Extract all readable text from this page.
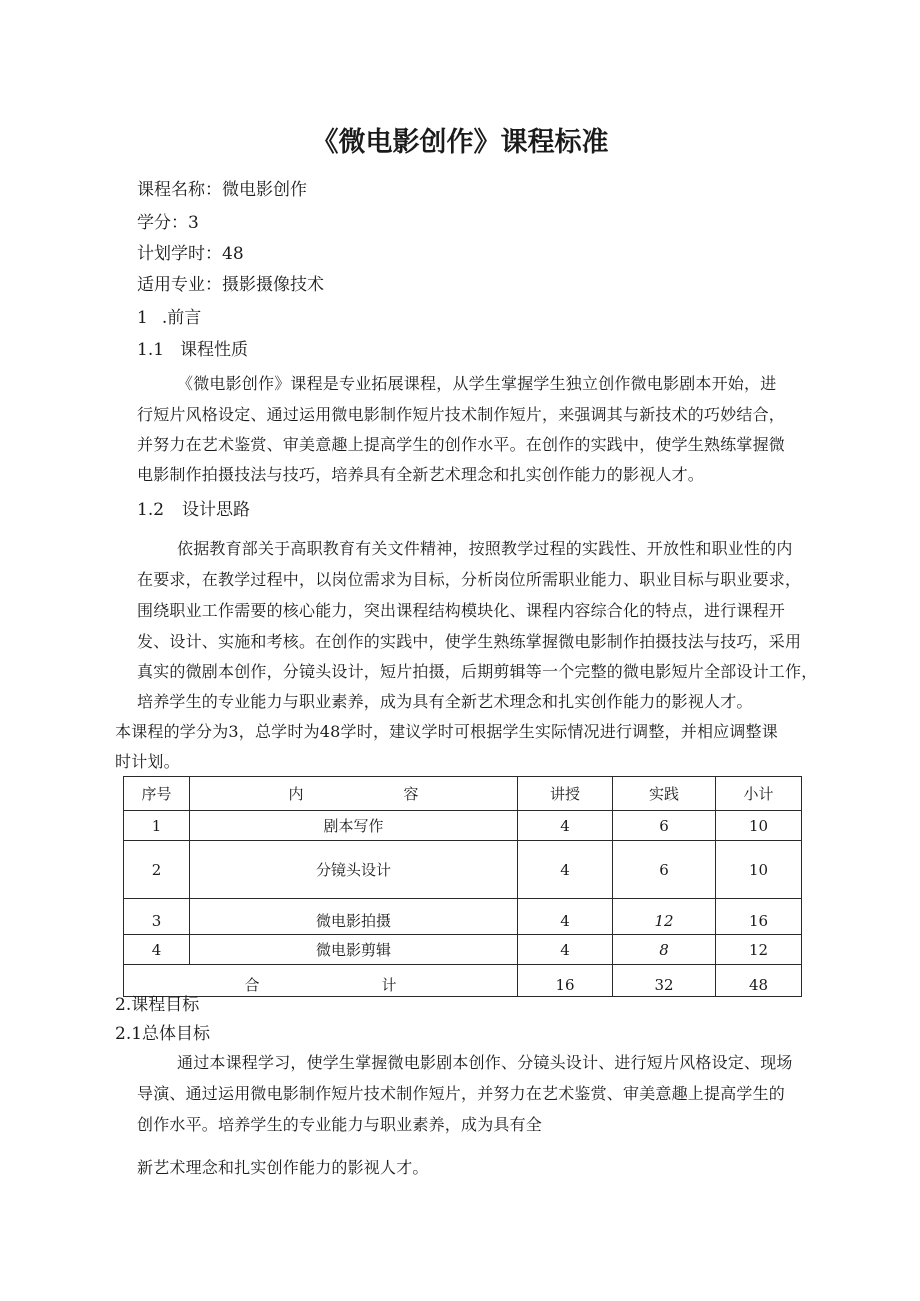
《微电影创作》课程标准
课程名称：微电影创作
学分：3
计划学时：48
适用专业：摄影摄像技术
1 .前言
1.1 课程性质
《微电影创作》课程是专业拓展课程，从学生掌握学生独立创作微电影剧本开始，进
行短片风格设定、通过运用微电影制作短片技术制作短片，来强调其与新技术的巧妙结合，
并努力在艺术鉴赏、审美意趣上提高学生的创作水平。在创作的实践中，使学生熟练掌握微
电影制作拍摄技法与技巧，培养具有全新艺术理念和扎实创作能力的影视人才。
1.2 设计思路
依据教育部关于高职教育有关文件精神，按照教学过程的实践性、开放性和职业性的内
在要求，在教学过程中，以岗位需求为目标，分析岗位所需职业能力、职业目标与职业要求，
围绕职业工作需要的核心能力，突出课程结构模块化、课程内容综合化的特点，进行课程开
发、设计、实施和考核。在创作的实践中，使学生熟练掌握微电影制作拍摄技法与技巧，采用
真实的微剧本创作，分镜头设计，短片拍摄，后期剪辑等一个完整的微电影短片全部设计工作，
培养学生的专业能力与职业素养，成为具有全新艺术理念和扎实创作能力的影视人才。
本课程的学分为3，总学时为48学时，建议学时可根据学生实际情况进行调整，并相应调整课
时计划。
序号	内 容	讲授	实践	小计
1	剧本写作	4	6	10
2	分镜头设计	4	6	10
3	微电影拍摄	4	12	16
4	微电影剪辑	4	8	12

合 计		16	32	48
2.课程目标
2.1总体目标
通过本课程学习，使学生掌握微电影剧本创作、分镜头设计、进行短片风格设定、现场
导演、通过运用微电影制作短片技术制作短片，并努力在艺术鉴赏、审美意趣上提高学生的
创作水平。培养学生的专业能力与职业素养，成为具有全
新艺术理念和扎实创作能力的影视人才。
